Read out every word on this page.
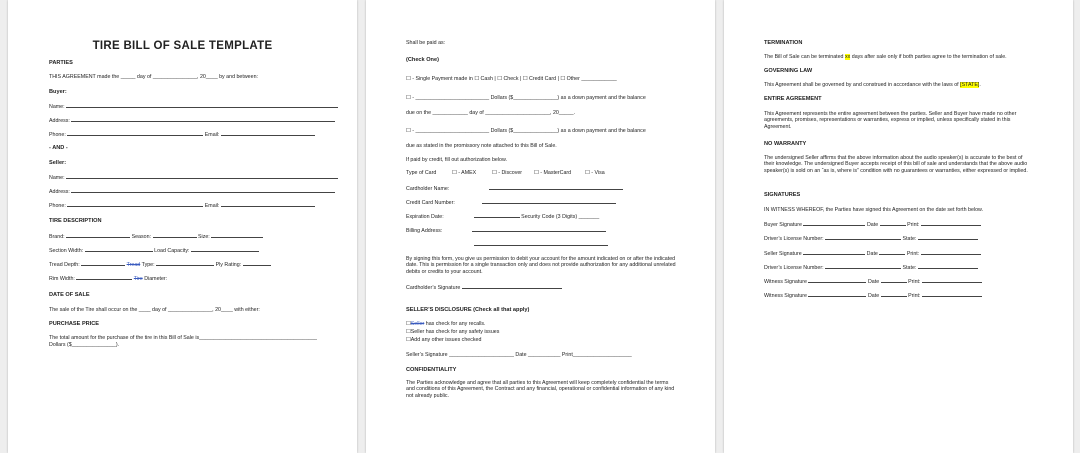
TIRE BILL OF SALE TEMPLATE
PARTIES
THIS AGREEMENT made the _____ day of _______________, 20____ by and between:
Buyer:
Name:
Address:
Phone:	Email:
- AND -
Seller:
Name:
Address:
Phone:	Email:
TIRE DESCRIPTION
Brand:	Season:	Size:
Section Width:	Load Capacity:
Tread Depth:	Tread Type:	Ply Rating:
Rim Width:	Tire Diameter:
DATE OF SALE
The sale of the Tire shall occur on the ____ day of _______________, 20____ with either:
PURCHASE PRICE
The total amount for the purchase of the tire in this Bill of Sale is________________________________________
Dollars ($_______________).
Shall be paid as:
(Check One)
☐ - Single Payment made in ☐ Cash | ☐ Check | ☐ Credit Card | ☐ Other ____________
☐ - _________________________ Dollars ($_______________) as a down payment and the balance
due on the ____________ day of ______________________, 20_____.
☐ - _________________________ Dollars ($_______________) as a down payment and the balance
due as stated in the promissory note attached to this Bill of Sale.
If paid by credit, fill out authorization below.
Type of Card	☐ - AMEX	☐ - Discover ☐ - MasterCard	☐ - Visa
Cardholder Name:
Credit Card Number:
Expiration Date:	Security Code (3 Digits) _______
Billing Address:
By signing this form, you give us permission to debit your account for the amount indicated on or after the indicated date. This is permission for a single transaction only and does not provide authorization for any additional unrelated debits or credits to your account.
Cardholder’s Signature
SELLER’S DISCLOSURE (Check all that apply)
☐Seller has check for any recalls.
☐Seller has check for any safety issues
☐Add any other issues checked
Seller’s Signature ______________________ Date ___________ Print____________________
CONFIDENTIALITY
The Parties acknowledge and agree that all parties to this Agreement will keep completely confidential the terms and conditions of this Agreement, the Contract and any financial, operational or confidential information of any kind not already public.
TERMINATION
The Bill of Sale can be terminated xx days after sale only if both parties agree to the termination of sale.
GOVERNING LAW
This Agreement shall be governed by and construed in accordance with the laws of [STATE].
ENTIRE AGREEMENT
This Agreement represents the entire agreement between the parties. Seller and Buyer have made no other agreements, promises, representations or warranties, express or implied, unless specifically stated in this Agreement.
NO WARRANTY
The undersigned Seller affirms that the above information about the audio speaker(s) is accurate to the best of their knowledge. The undersigned Buyer accepts receipt of this bill of sale and understands that the above audio speaker(s) is sold on an “as is, where is” condition with no guarantees or warranties, either expressed or implied.
SIGNATURES
IN WITNESS WHEREOF, the Parties have signed this Agreement on the date set forth below.
Buyer Signature	Date	Print:
Driver’s License Number:	State:
Seller Signature	Date	Print:
Driver’s License Number:	State:
Witness Signature	Date	Print:
Witness Signature	Date	Print:
